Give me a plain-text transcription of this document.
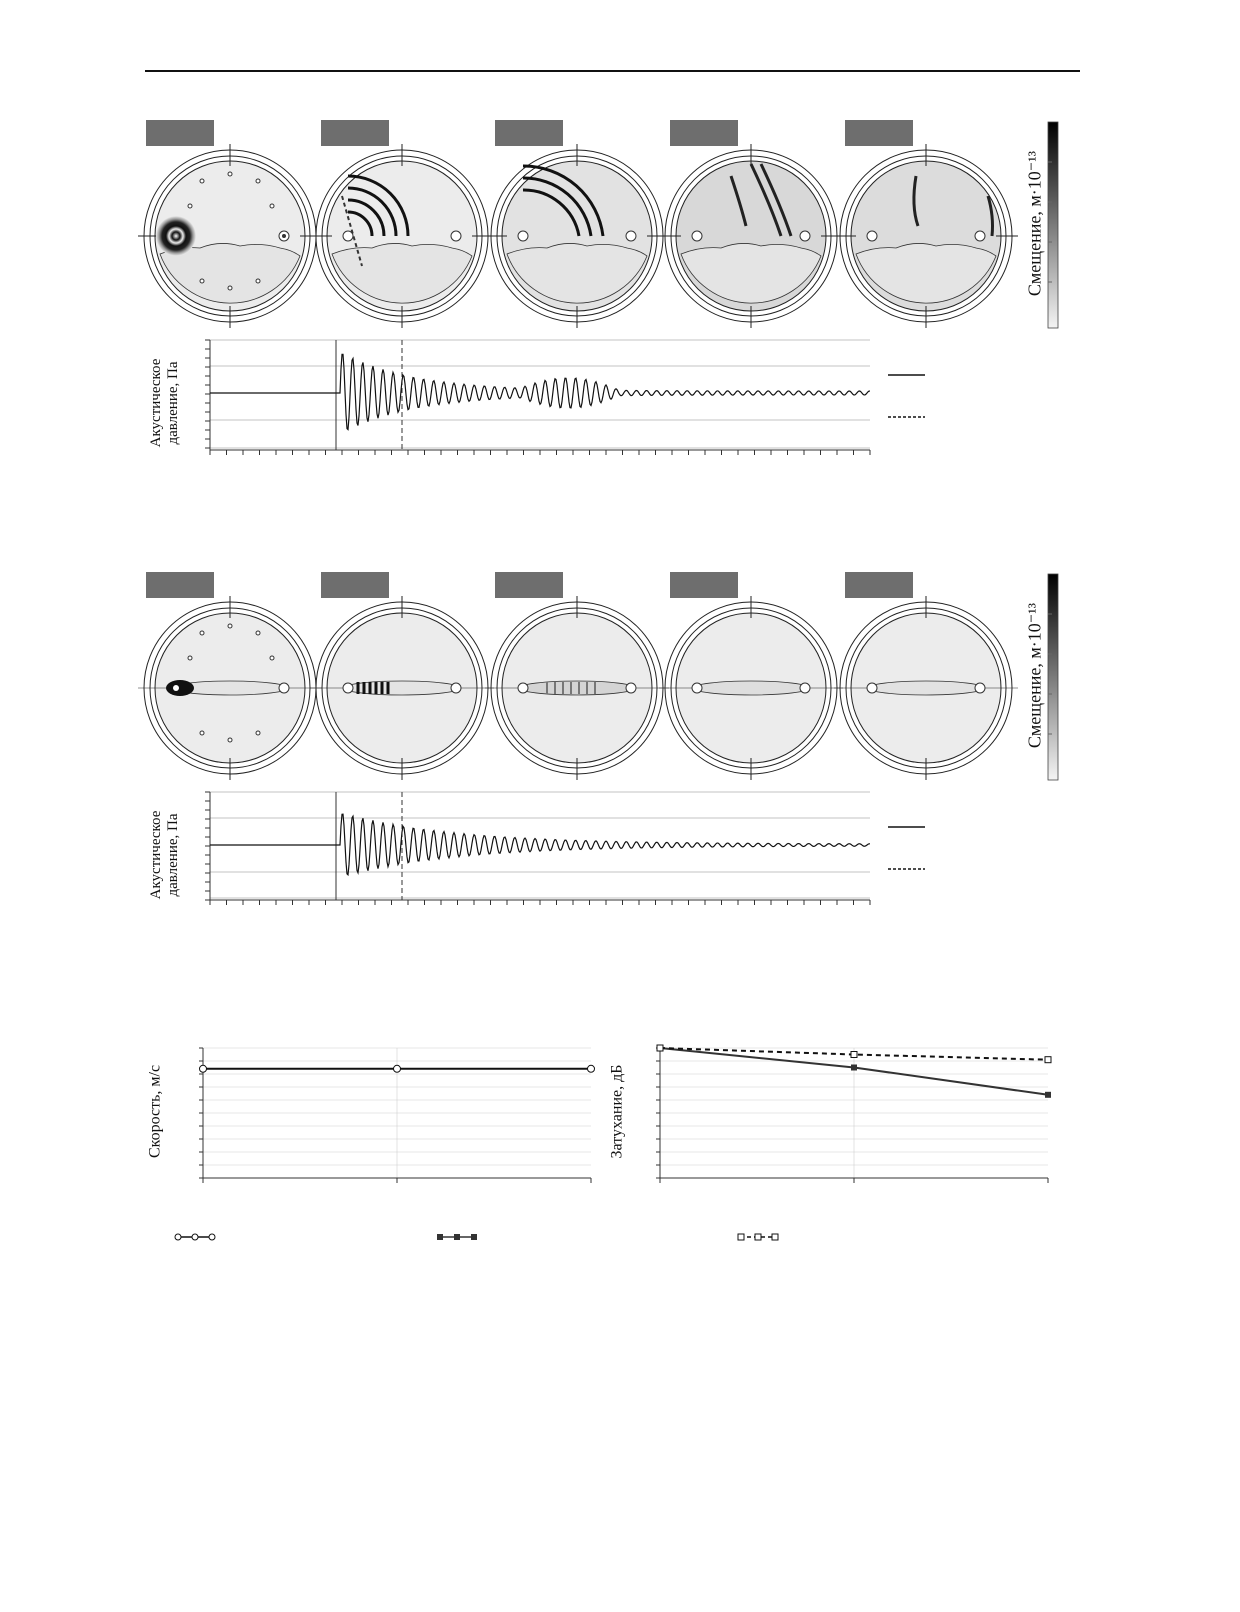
Смещение, м·10⁻¹³
Акустическое
давление, Па
Смещение, м·10⁻¹³
Акустическое
давление, Па
Скорость, м/с	Затухание, дБ
